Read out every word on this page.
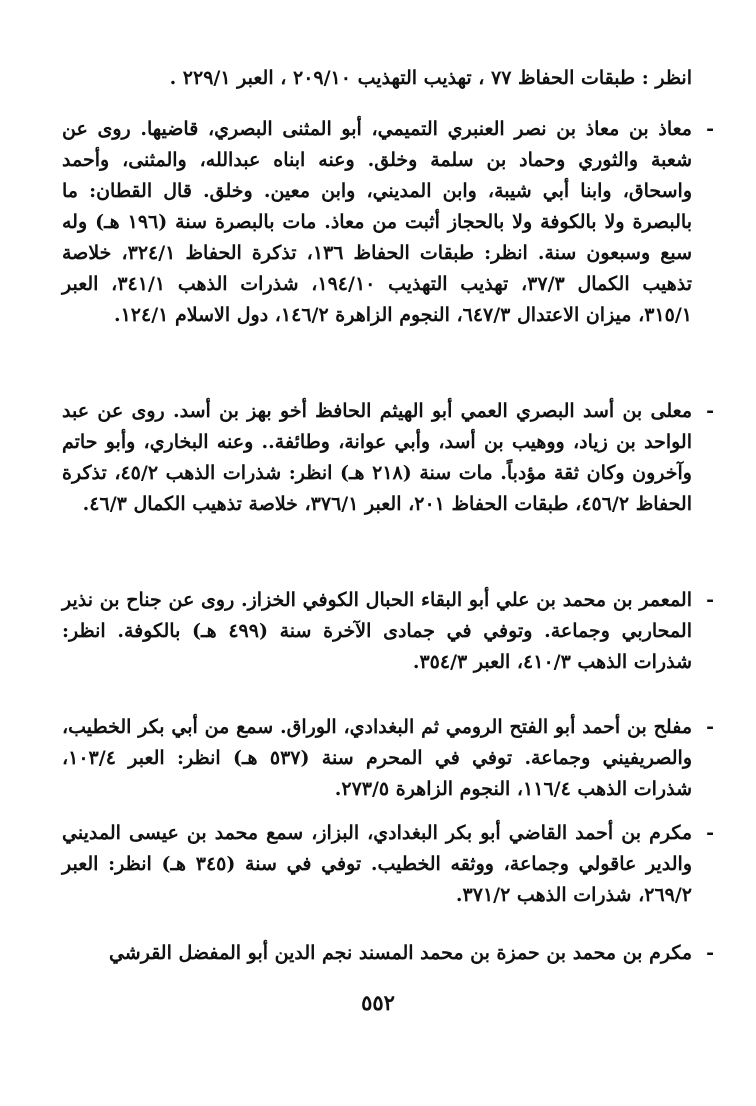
انظر : طبقات الحفاظ ٧٧ ، تهذيب التهذيب ٢٠٩/١٠ ، العبر ٢٢٩/١ .
-
معاذ بن معاذ بن نصر العنبري التميمي، أبو المثنى البصري، قاضيها. روى عن شعبة والثوري وحماد بن سلمة وخلق. وعنه ابناه عبدالله، والمثنى، وأحمد واسحاق، وابنا أبي شيبة، وابن المديني، وابن معين. وخلق. قال القطان: ما بالبصرة ولا بالكوفة ولا بالحجاز أثبت من معاذ. مات بالبصرة سنة (١٩٦ هـ) وله سبع وسبعون سنة. انظر: طبقات الحفاظ ١٣٦، تذكرة الحفاظ ٣٢٤/١، خلاصة تذهيب الكمال ٣٧/٣، تهذيب التهذيب ١٩٤/١٠، شذرات الذهب ٣٤١/١، العبر ٣١٥/١، ميزان الاعتدال ٦٤٧/٣، النجوم الزاهرة ١٤٦/٢، دول الاسلام ١٢٤/١.
-
معلى بن أسد البصري العمي أبو الهيثم الحافظ أخو بهز بن أسد. روى عن عبد الواحد بن زياد، ووهيب بن أسد، وأبي عوانة، وطائفة.. وعنه البخاري، وأبو حاتم وآخرون وكان ثقة مؤدباً. مات سنة (٢١٨ هـ) انظر: شذرات الذهب ٤٥/٢، تذكرة الحفاظ ٤٥٦/٢، طبقات الحفاظ ٢٠١، العبر ٣٧٦/١، خلاصة تذهيب الكمال ٤٦/٣.
-
المعمر بن محمد بن علي أبو البقاء الحبال الكوفي الخزاز. روى عن جناح بن نذير المحاربي وجماعة. وتوفي في جمادى الآخرة سنة (٤٩٩ هـ) بالكوفة. انظر: شذرات الذهب ٤١٠/٣، العبر ٣٥٤/٣.
-
مفلح بن أحمد أبو الفتح الرومي ثم البغدادي، الوراق. سمع من أبي بكر الخطيب، والصريفيني وجماعة. توفي في المحرم سنة (٥٣٧ هـ) انظر: العبر ١٠٣/٤، شذرات الذهب ١١٦/٤، النجوم الزاهرة ٢٧٣/٥.
-
مكرم بن أحمد القاضي أبو بكر البغدادي، البزاز، سمع محمد بن عيسى المديني والدير عاقولي وجماعة، ووثقه الخطيب. توفي في سنة (٣٤٥ هـ) انظر: العبر ٢٦٩/٢، شذرات الذهب ٣٧١/٢.
-
مكرم بن محمد بن حمزة بن محمد المسند نجم الدين أبو المفضل القرشي
٥٥٢
